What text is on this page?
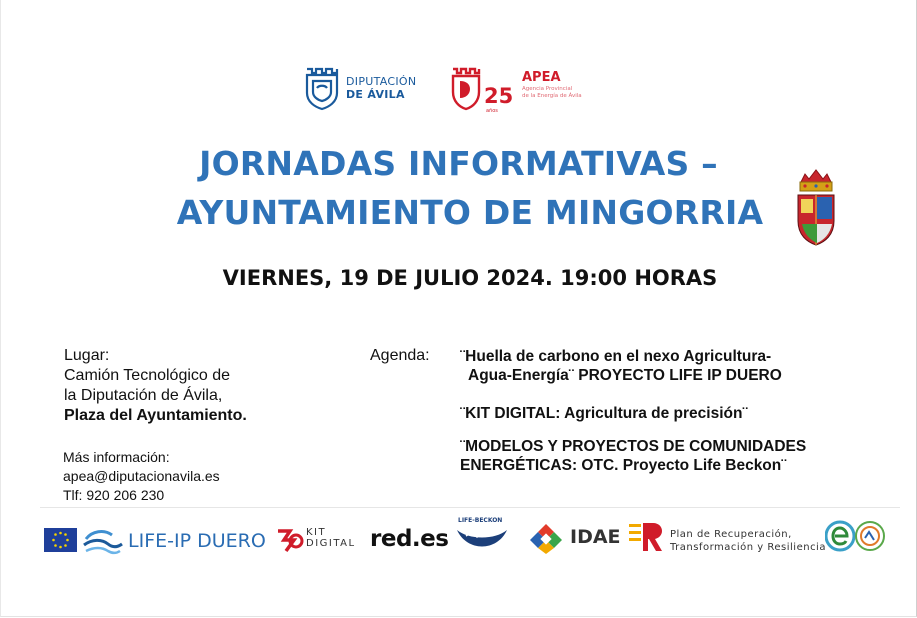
DIPUTACIÓN
DE ÁVILA	25
años
APEA
Agencia Provincial
de la Energía de Ávila
JORNADAS INFORMATIVAS –
AYUNTAMIENTO DE MINGORRIA
VIERNES, 19 DE JULIO 2024. 19:00 HORAS
Lugar:
Camión Tecnológico de
la Diputación de Ávila,
Plaza del Ayuntamiento.
Más información:
apea@diputacionavila.es
Tlf: 920 206 230
Agenda: ¨Huella de carbono en el nexo Agricultura-
Agua-Energía¨ PROYECTO LIFE IP DUERO
¨KIT DIGITAL: Agricultura de precisión¨
¨MODELOS Y PROYECTOS DE COMUNIDADES
ENERGÉTICAS: OTC. Proyecto Life Beckon¨
LIFE-IP DUERO	KIT
DIGITAL red.es
LIFE-BECKON
IDAE	Plan de Recuperación,
Transformación y Resiliencia
